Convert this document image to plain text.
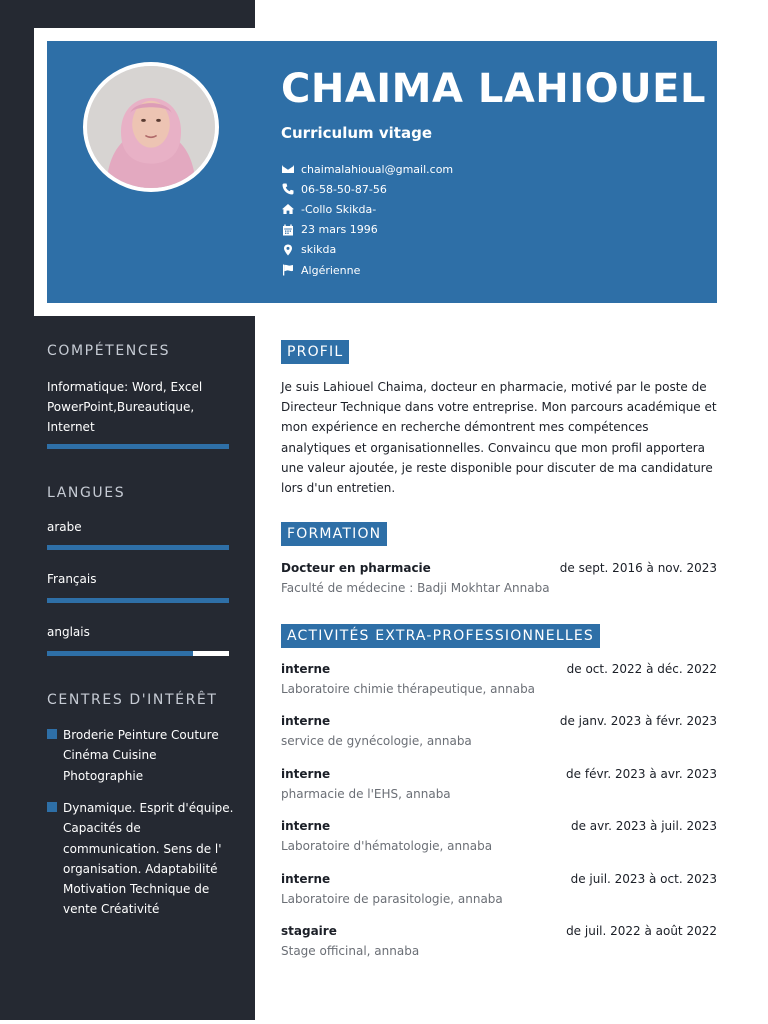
CHAIMA LAHIOUEL
Curriculum vitage
chaimalahioual@gmail.com
06-58-50-87-56
-Collo Skikda-
23 mars 1996
skikda
Algérienne
COMPÉTENCES
Informatique: Word, Excel PowerPoint,Bureautique, Internet
LANGUES
arabe
Français
anglais
CENTRES D'INTÉRÊT
Broderie Peinture Couture Cinéma Cuisine Photographie
Dynamique. Esprit d'équipe. Capacités de communication. Sens de l' organisation. Adaptabilité Motivation Technique de vente Créativité
PROFIL
Je suis Lahiouel Chaima, docteur en pharmacie, motivé par le poste de Directeur Technique dans votre entreprise. Mon parcours académique et mon expérience en recherche démontrent mes compétences analytiques et organisationnelles. Convaincu que mon profil apportera une valeur ajoutée, je reste disponible pour discuter de ma candidature lors d'un entretien.
FORMATION
Docteur en pharmacie	de sept. 2016 à nov. 2023
Faculté de médecine : Badji Mokhtar Annaba
ACTIVITÉS EXTRA-PROFESSIONNELLES
interne	de oct. 2022 à déc. 2022
Laboratoire chimie thérapeutique, annaba
interne	de janv. 2023 à févr. 2023
service de gynécologie, annaba
interne	de févr. 2023 à avr. 2023
pharmacie de l'EHS, annaba
interne	de avr. 2023 à juil. 2023
Laboratoire d'hématologie, annaba
interne	de juil. 2023 à oct. 2023
Laboratoire de parasitologie, annaba
stagaire	de juil. 2022 à août 2022
Stage officinal, annaba
